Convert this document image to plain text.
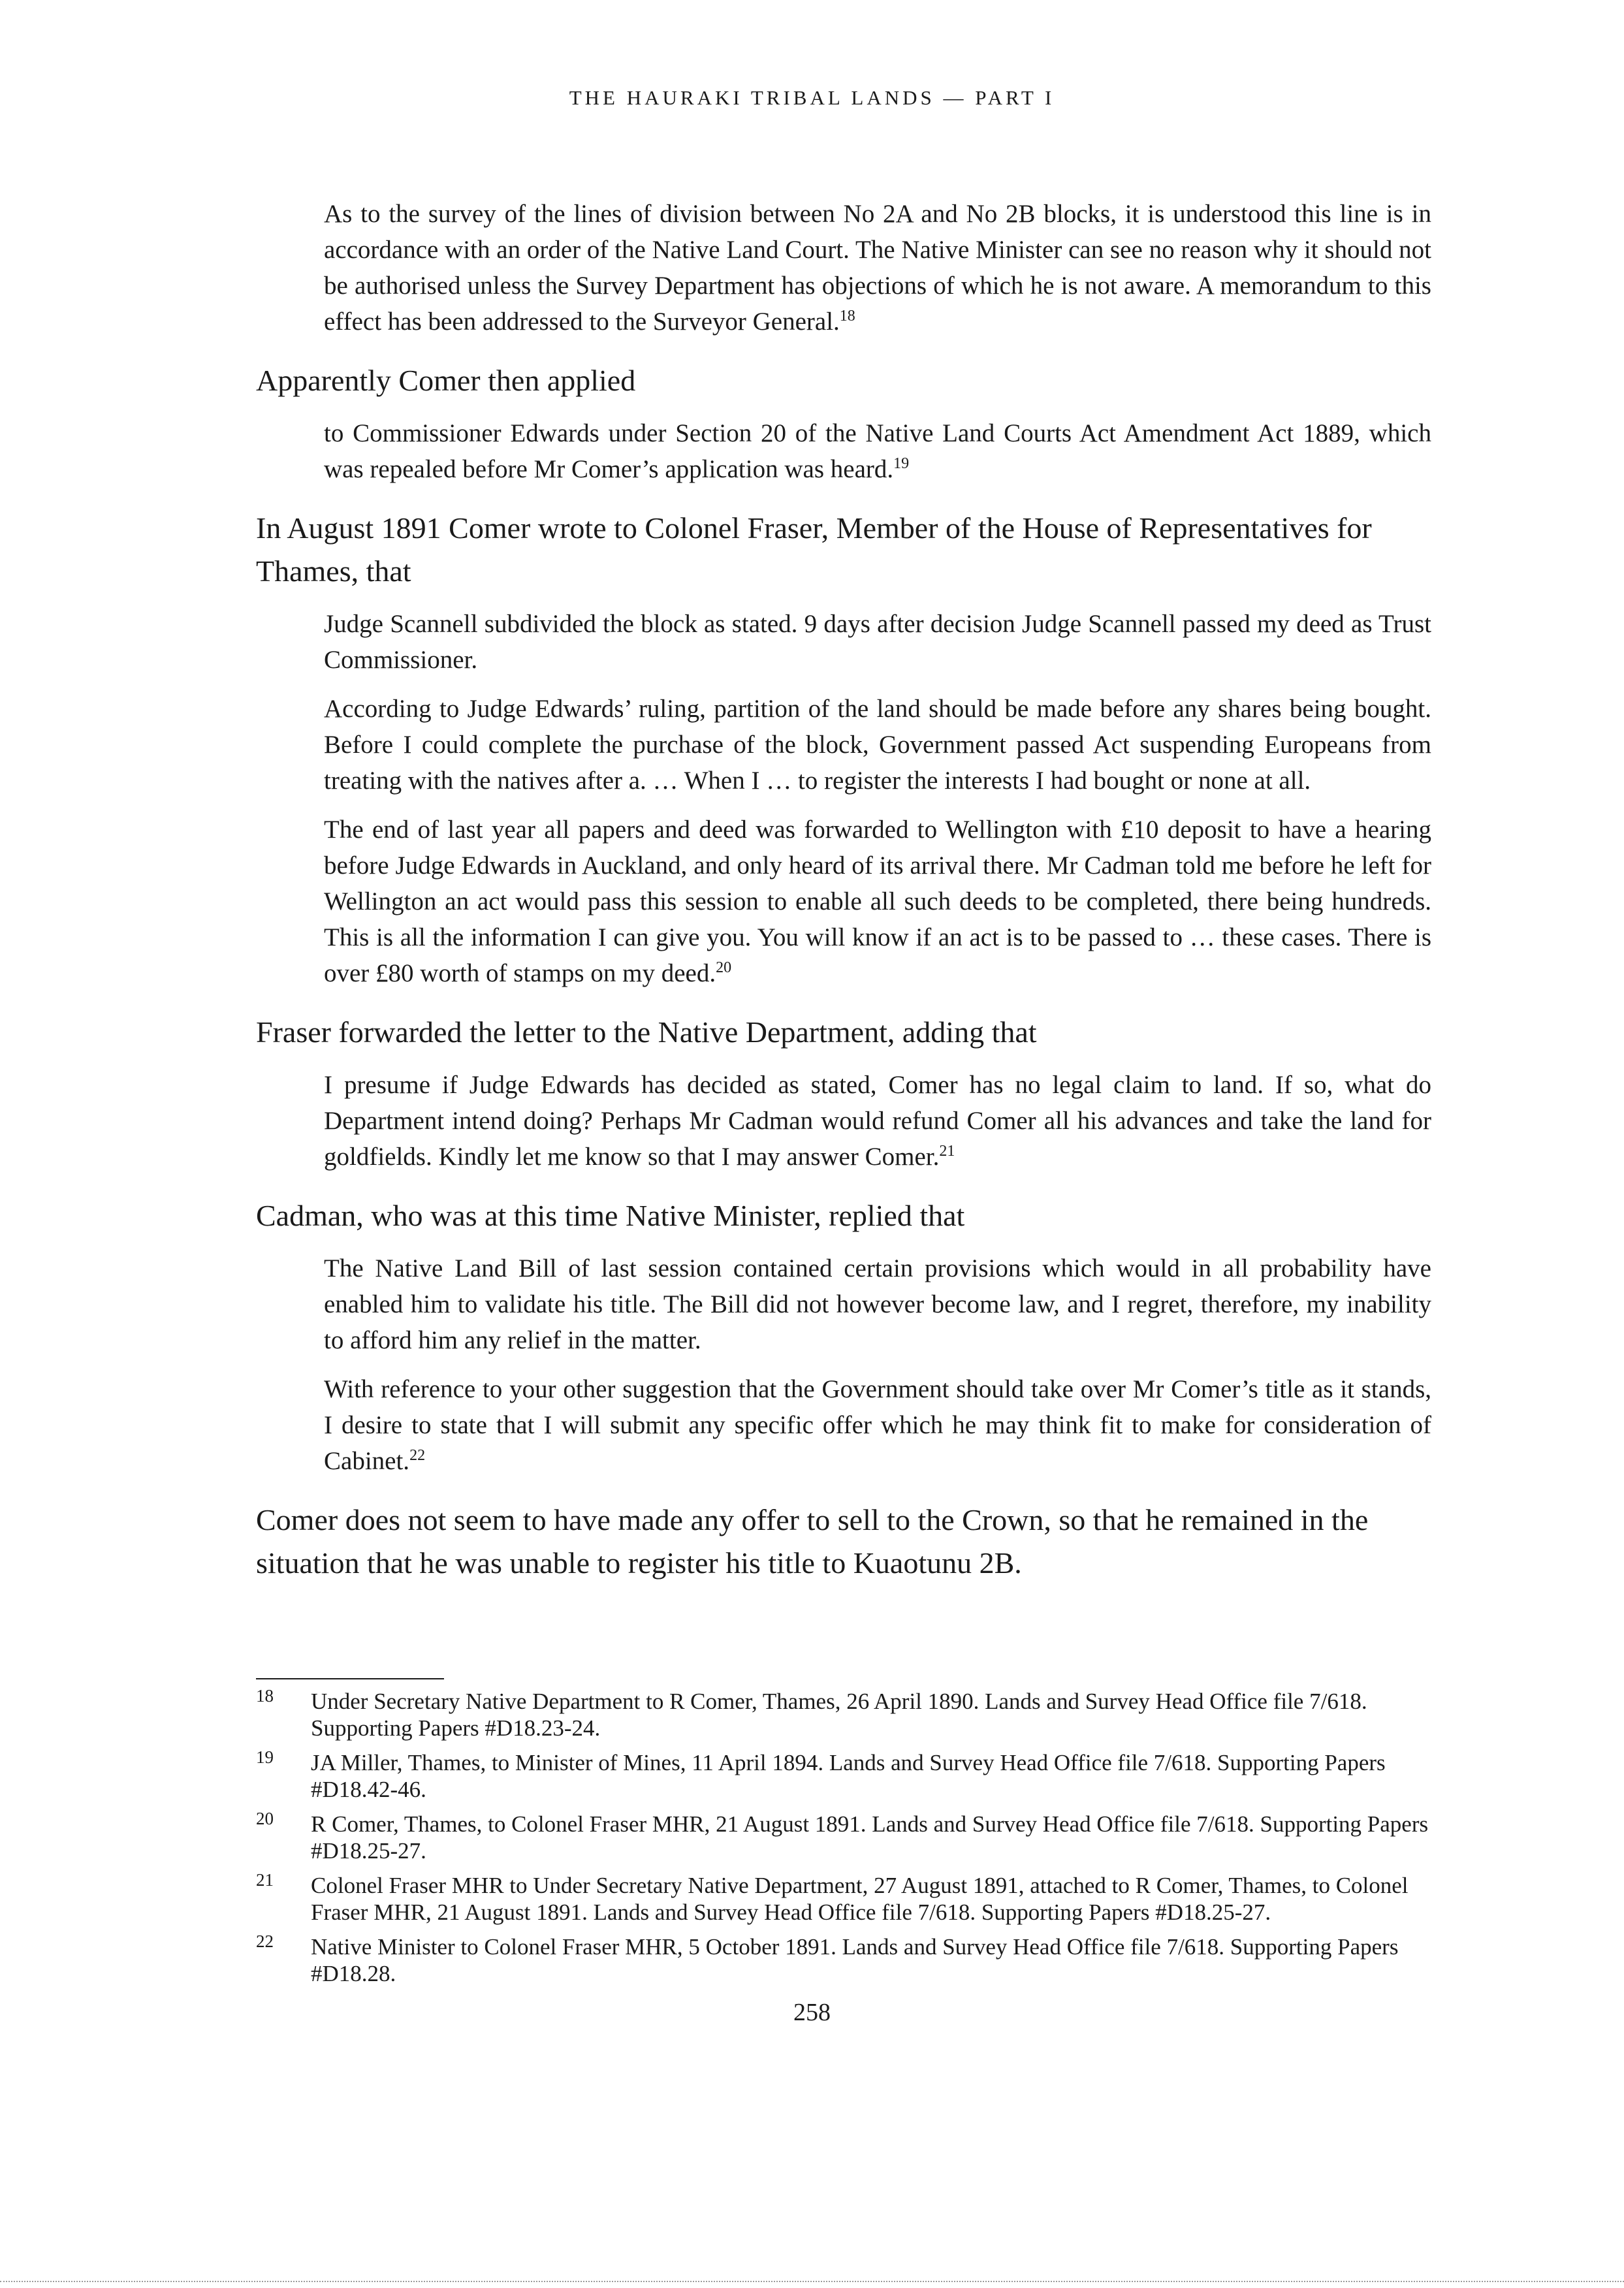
THE HAURAKI TRIBAL LANDS — PART I

As to the survey of the lines of division between No 2A and No 2B blocks, it is understood this line is in accordance with an order of the Native Land Court. The Native Minister can see no reason why it should not be authorised unless the Survey Department has objections of which he is not aware. A memorandum to this effect has been addressed to the Surveyor General.$^{18}$

Apparently Comer then applied

to Commissioner Edwards under Section 20 of the Native Land Courts Act Amendment Act 1889, which was repealed before Mr Comer’s application was heard.$^{19}$

In August 1891 Comer wrote to Colonel Fraser, Member of the House of Representatives for Thames, that

Judge Scannell subdivided the block as stated. 9 days after decision Judge Scannell passed my deed as Trust Commissioner.

According to Judge Edwards’ ruling, partition of the land should be made before any shares being bought. Before I could complete the purchase of the block, Government passed Act suspending Europeans from treating with the natives after a. … When I … to register the interests I had bought or none at all.

The end of last year all papers and deed was forwarded to Wellington with £10 deposit to have a hearing before Judge Edwards in Auckland, and only heard of its arrival there. Mr Cadman told me before he left for Wellington an act would pass this session to enable all such deeds to be completed, there being hundreds. This is all the information I can give you. You will know if an act is to be passed to … these cases. There is over £80 worth of stamps on my deed.$^{20}$

Fraser forwarded the letter to the Native Department, adding that

I presume if Judge Edwards has decided as stated, Comer has no legal claim to land. If so, what do Department intend doing? Perhaps Mr Cadman would refund Comer all his advances and take the land for goldfields. Kindly let me know so that I may answer Comer.$^{21}$

Cadman, who was at this time Native Minister, replied that

The Native Land Bill of last session contained certain provisions which would in all probability have enabled him to validate his title. The Bill did not however become law, and I regret, therefore, my inability to afford him any relief in the matter.

With reference to your other suggestion that the Government should take over Mr Comer’s title as it stands, I desire to state that I will submit any specific offer which he may think fit to make for consideration of Cabinet.$^{22}$

Comer does not seem to have made any offer to sell to the Crown, so that he remained in the situation that he was unable to register his title to Kuaotunu 2B.

18 Under Secretary Native Department to R Comer, Thames, 26 April 1890. Lands and Survey Head Office file 7/618. Supporting Papers #D18.23-24.
19 JA Miller, Thames, to Minister of Mines, 11 April 1894. Lands and Survey Head Office file 7/618. Supporting Papers #D18.42-46.
20 R Comer, Thames, to Colonel Fraser MHR, 21 August 1891. Lands and Survey Head Office file 7/618. Supporting Papers #D18.25-27.
21 Colonel Fraser MHR to Under Secretary Native Department, 27 August 1891, attached to R Comer, Thames, to Colonel Fraser MHR, 21 August 1891. Lands and Survey Head Office file 7/618. Supporting Papers #D18.25-27.
22 Native Minister to Colonel Fraser MHR, 5 October 1891. Lands and Survey Head Office file 7/618. Supporting Papers #D18.28.
258
